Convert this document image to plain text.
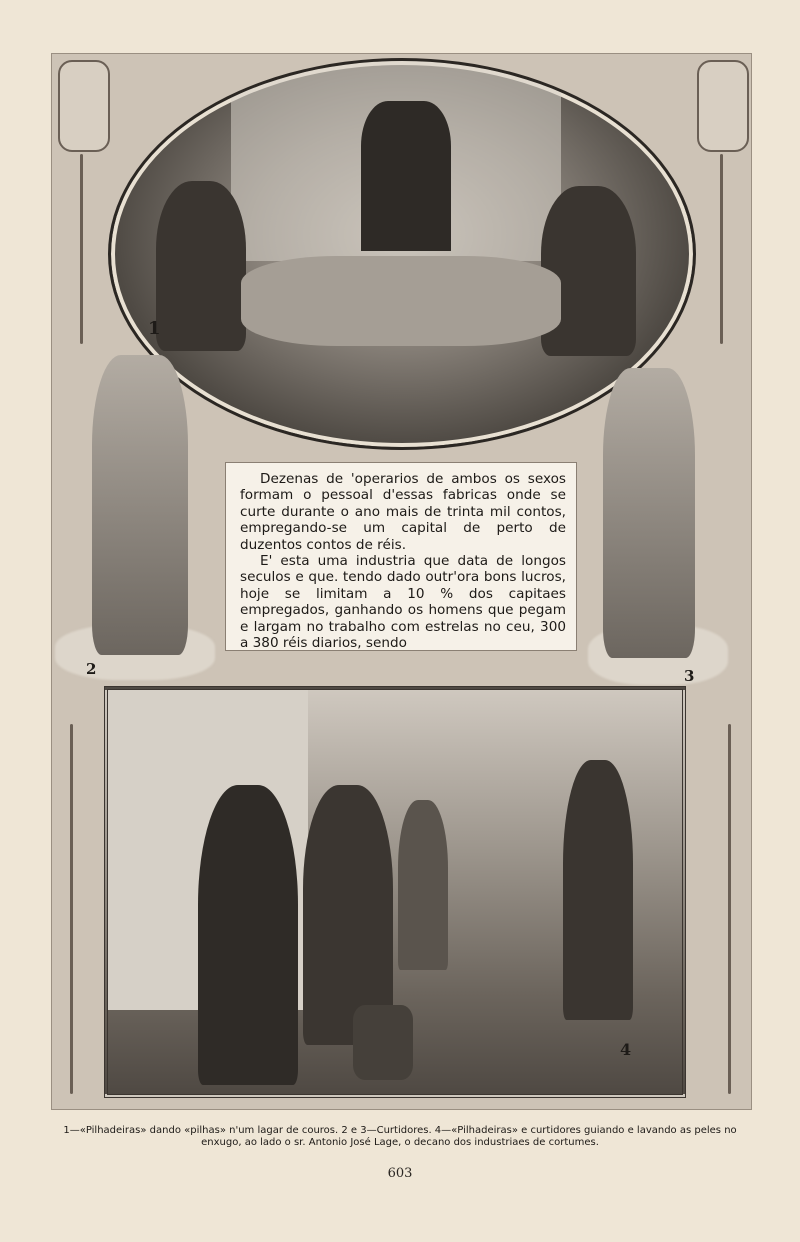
1
2	3

Dezenas de 'operarios de ambos os sexos formam o pessoal d'essas fabricas onde se curte durante o ano mais de trinta mil contos, empregando-se um capital de perto de duzentos contos de réis.

E' esta uma industria que data de longos seculos e que. tendo dado outr'ora bons lucros, hoje se limitam a 10 % dos capitaes empregados, ganhando os homens que pegam e largam no trabalho com estrelas no ceu, 300 a 380 réis diarios, sendo

4
1—«Pilhadeiras» dando «pilhas» n'um lagar de couros. 2 e 3—Curtidores. 4—«Pilhadeiras» e curtidores guiando e lavando as peles no enxugo, ao lado o sr. Antonio José Lage, o decano dos industriaes de cortumes.
603
